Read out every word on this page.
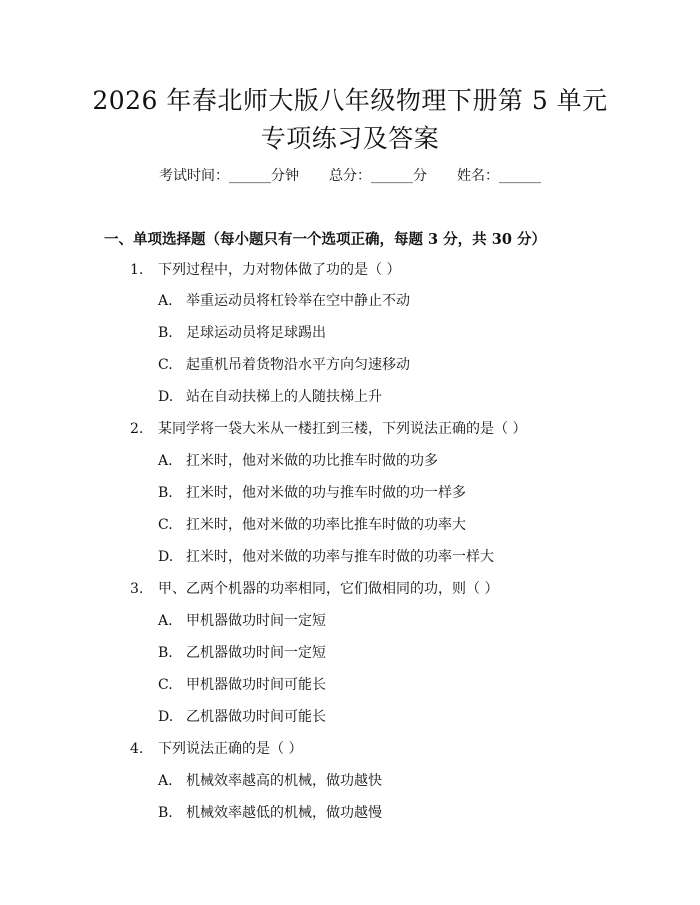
2026 年春北师大版八年级物理下册第 5 单元
专项练习及答案
考试时间：______分钟 总分：______分 姓名：______
一、单项选择题（每小题只有一个选项正确，每题 3 分，共 30 分）
1. 下列过程中，力对物体做了功的是（ ）
A. 举重运动员将杠铃举在空中静止不动
B. 足球运动员将足球踢出
C. 起重机吊着货物沿水平方向匀速移动
D. 站在自动扶梯上的人随扶梯上升
2. 某同学将一袋大米从一楼扛到三楼，下列说法正确的是（ ）
A. 扛米时，他对米做的功比推车时做的功多
B. 扛米时，他对米做的功与推车时做的功一样多
C. 扛米时，他对米做的功率比推车时做的功率大
D. 扛米时，他对米做的功率与推车时做的功率一样大
3. 甲、乙两个机器的功率相同，它们做相同的功，则（ ）
A. 甲机器做功时间一定短
B. 乙机器做功时间一定短
C. 甲机器做功时间可能长
D. 乙机器做功时间可能长
4. 下列说法正确的是（ ）
A. 机械效率越高的机械，做功越快
B. 机械效率越低的机械，做功越慢
